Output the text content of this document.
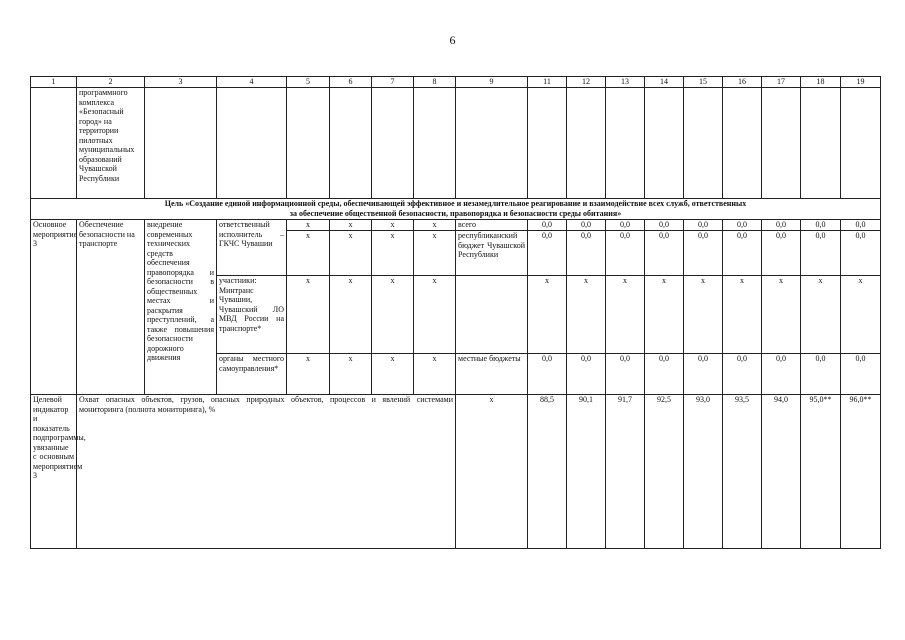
6
1	2	3	4	5	6	7	8	9	11	12	13	14	15	16	17	18	19
	программного комплекса «Безопасный город» на территории пилотных муниципальных образований Чувашской Республики																

Цель «Создание единой информационной среды, обеспечивающей эффективное и незамедлительное реагирование и взаимодействие всех служб, ответственных
за обеспечение общественной безопасности, правопорядка и безопасности среды обитания»																	

Основное мероприятие 3	Обеспечение безопасности на транспорте	внедрение современных технических средств обеспечения правопорядка и безопасности в общественных местах и раскрытия преступлений, а также повышения безопасности дорожного движения	ответственный исполнитель – ГКЧС Чувашии	x	x	x	x	всего	0,0	0,0	0,0	0,0	0,0	0,0	0,0	0,0	0,0
				x	x	x	x	республиканский бюджет Чувашской Республики	0,0	0,0	0,0	0,0	0,0	0,0	0,0	0,0	0,0
			участники: Минтранс Чувашии, Чувашский ЛО МВД России на транспорте*	x	x	x	x		x	x	x	x	x	x	x	x	x
			органы местного самоуправления*	x	x	x	x	местные бюджеты	0,0	0,0	0,0	0,0	0,0	0,0	0,0	0,0	0,0
Целевой индикатор и показатель подпрограммы, увязанные с основным мероприятием 3	Охват опасных объектов, грузов, опасных природных объектов, процессов и явлений системами мониторинга (полнота мониторинга), %							x	88,5	90,1	91,7	92,5	93,0	93,5	94,0	95,0**	96,0**
